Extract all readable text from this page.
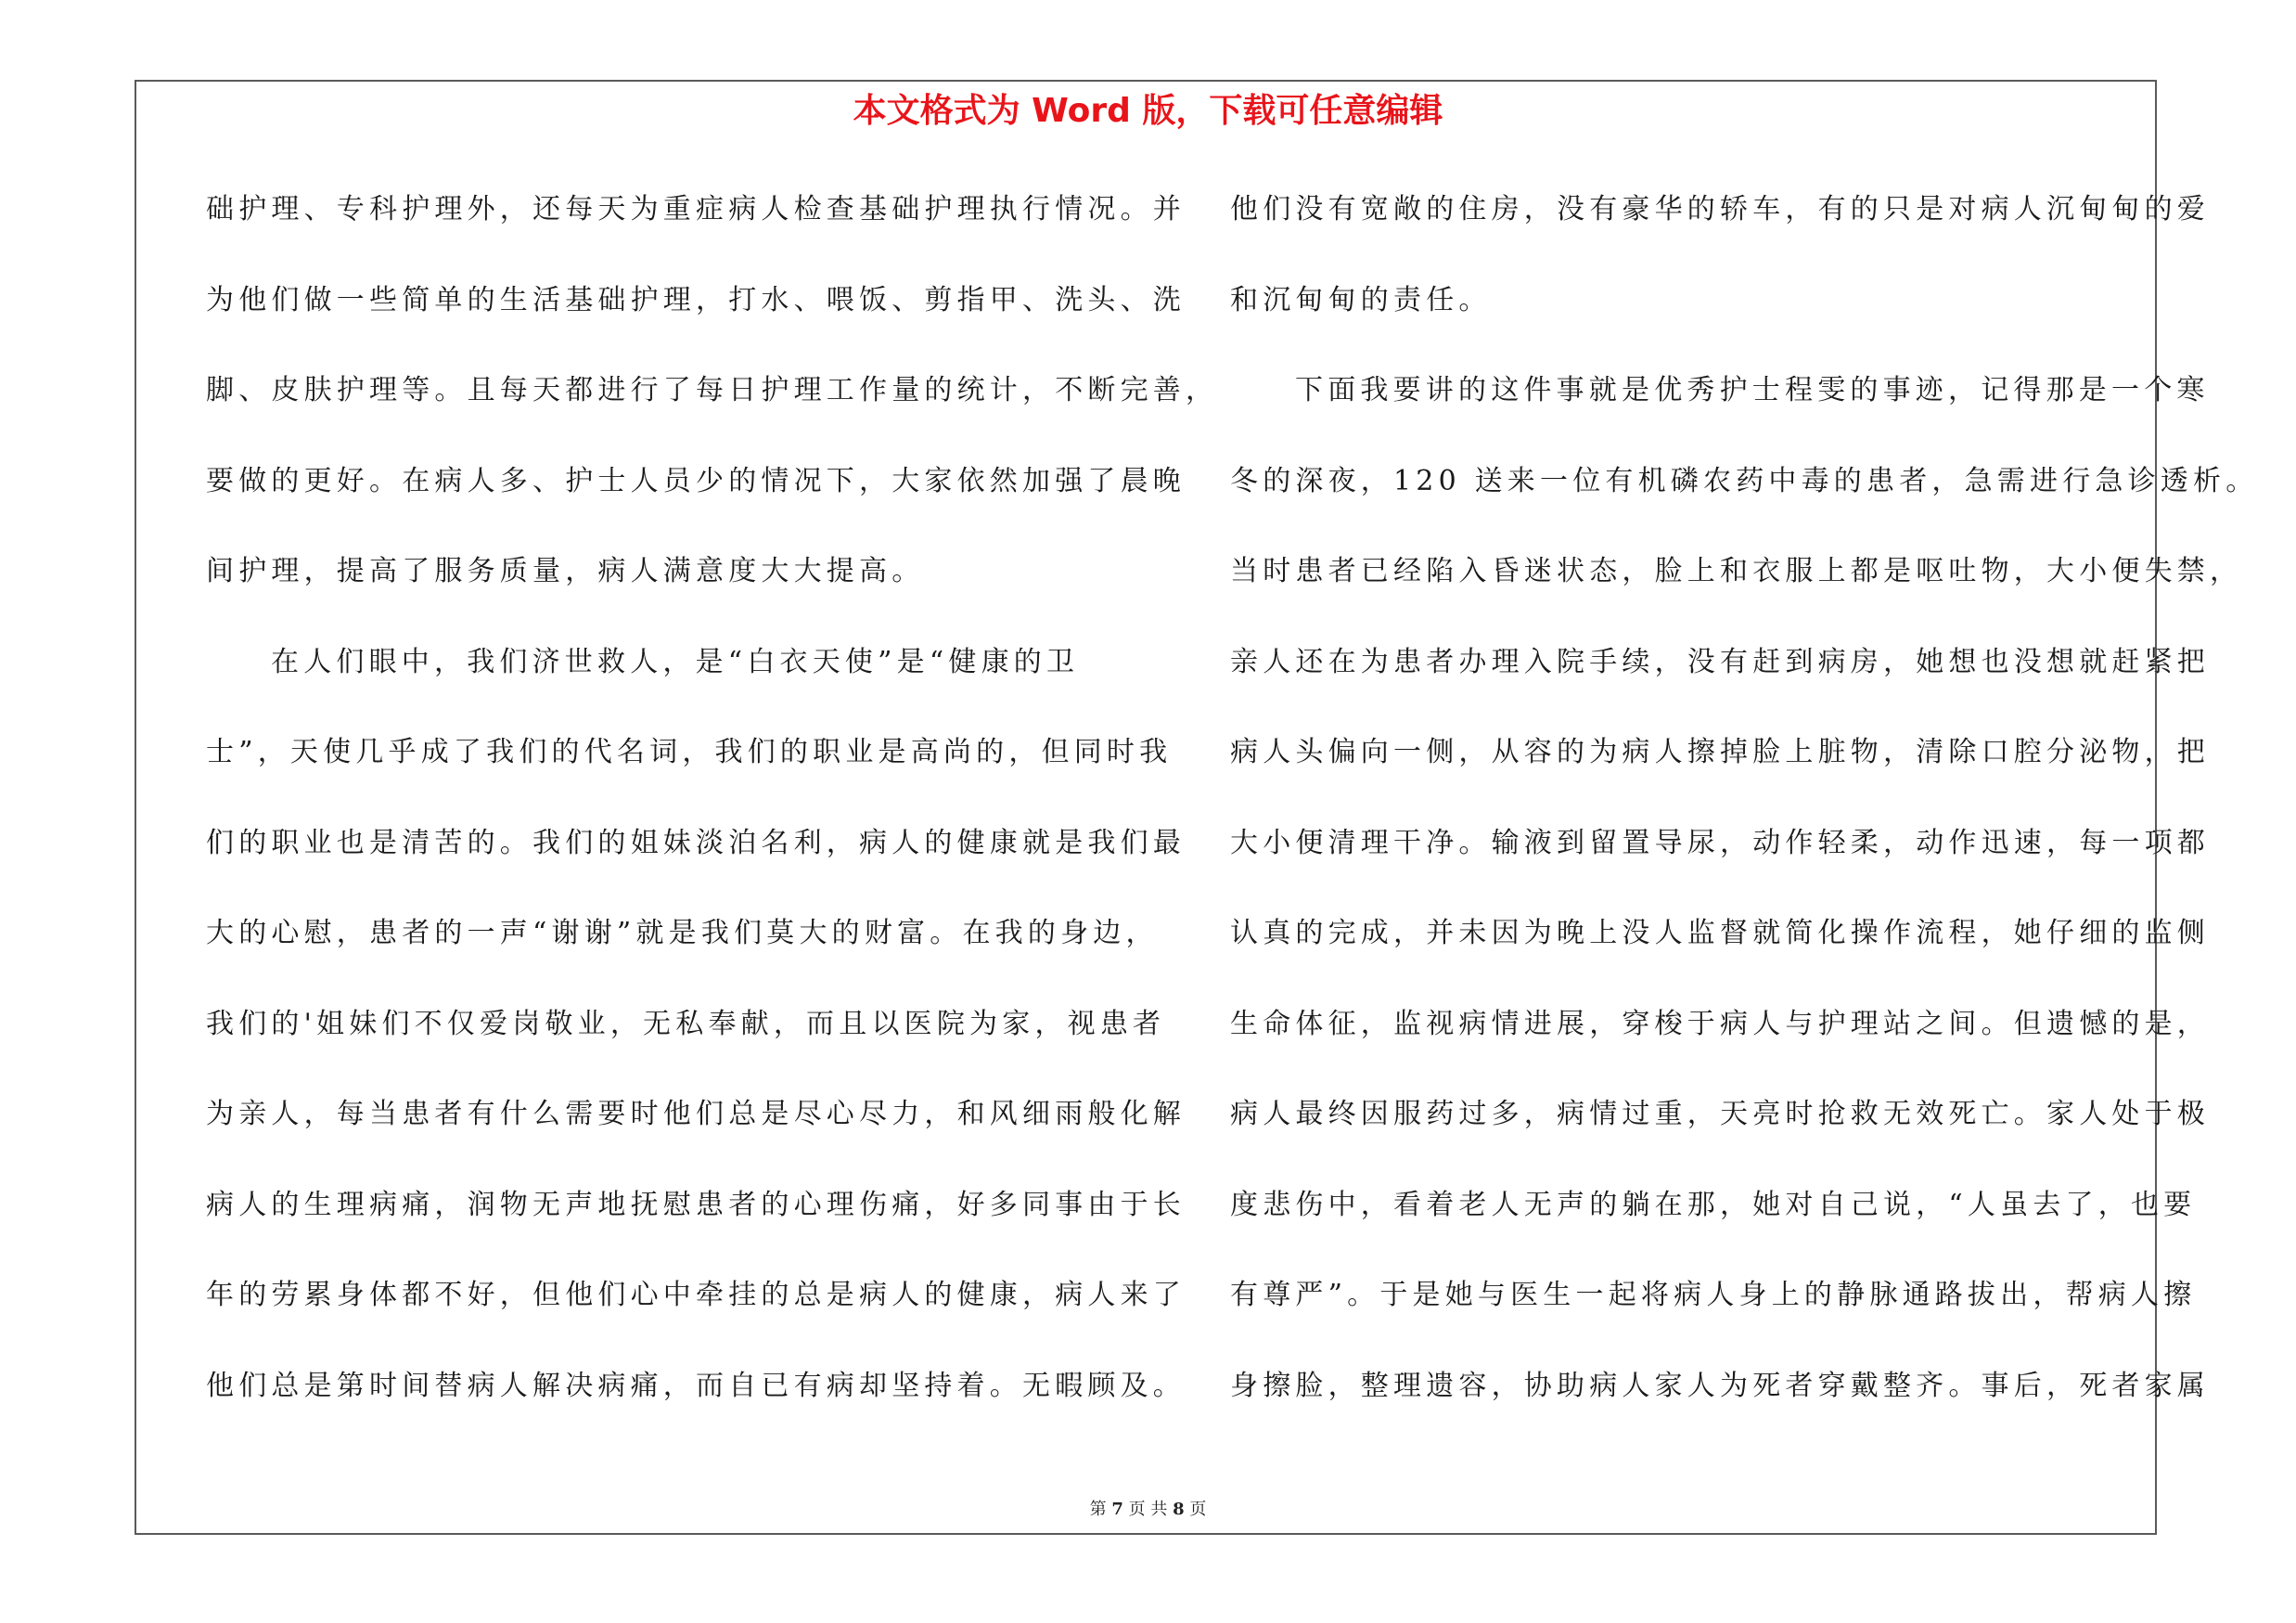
本文格式为 Word 版，下载可任意编辑
础护理、专科护理外，还每天为重症病人检查基础护理执行情况。并
为他们做一些简单的生活基础护理，打水、喂饭、剪指甲、洗头、洗
脚、皮肤护理等。且每天都进行了每日护理工作量的统计，不断完善，
要做的更好。在病人多、护士人员少的情况下，大家依然加强了晨晚
间护理，提高了服务质量，病人满意度大大提高。
在人们眼中，我们济世救人，是“白衣天使”是“健康的卫
士”，天使几乎成了我们的代名词，我们的职业是高尚的，但同时我
们的职业也是清苦的。我们的姐妹淡泊名利，病人的健康就是我们最
大的心慰，患者的一声“谢谢”就是我们莫大的财富。在我的身边，
我们的'姐妹们不仅爱岗敬业，无私奉献，而且以医院为家，视患者
为亲人，每当患者有什么需要时他们总是尽心尽力，和风细雨般化解
病人的生理病痛，润物无声地抚慰患者的心理伤痛，好多同事由于长
年的劳累身体都不好，但他们心中牵挂的总是病人的健康，病人来了
他们总是第时间替病人解决病痛，而自已有病却坚持着。无暇顾及。
他们没有宽敞的住房，没有豪华的轿车，有的只是对病人沉甸甸的爱
和沉甸甸的责任。
下面我要讲的这件事就是优秀护士程雯的事迹，记得那是一个寒
冬的深夜，120 送来一位有机磷农药中毒的患者，急需进行急诊透析。
当时患者已经陷入昏迷状态，脸上和衣服上都是呕吐物，大小便失禁，
亲人还在为患者办理入院手续，没有赶到病房，她想也没想就赶紧把
病人头偏向一侧，从容的为病人擦掉脸上脏物，清除口腔分泌物，把
大小便清理干净。输液到留置导尿，动作轻柔，动作迅速，每一项都
认真的完成，并未因为晚上没人监督就简化操作流程，她仔细的监侧
生命体征，监视病情进展，穿梭于病人与护理站之间。但遗憾的是，
病人最终因服药过多，病情过重，天亮时抢救无效死亡。家人处于极
度悲伤中，看着老人无声的躺在那，她对自己说，“人虽去了，也要
有尊严”。于是她与医生一起将病人身上的静脉通路拔出，帮病人擦
身擦脸，整理遗容，协助病人家人为死者穿戴整齐。事后，死者家属
第 7 页 共 8 页
